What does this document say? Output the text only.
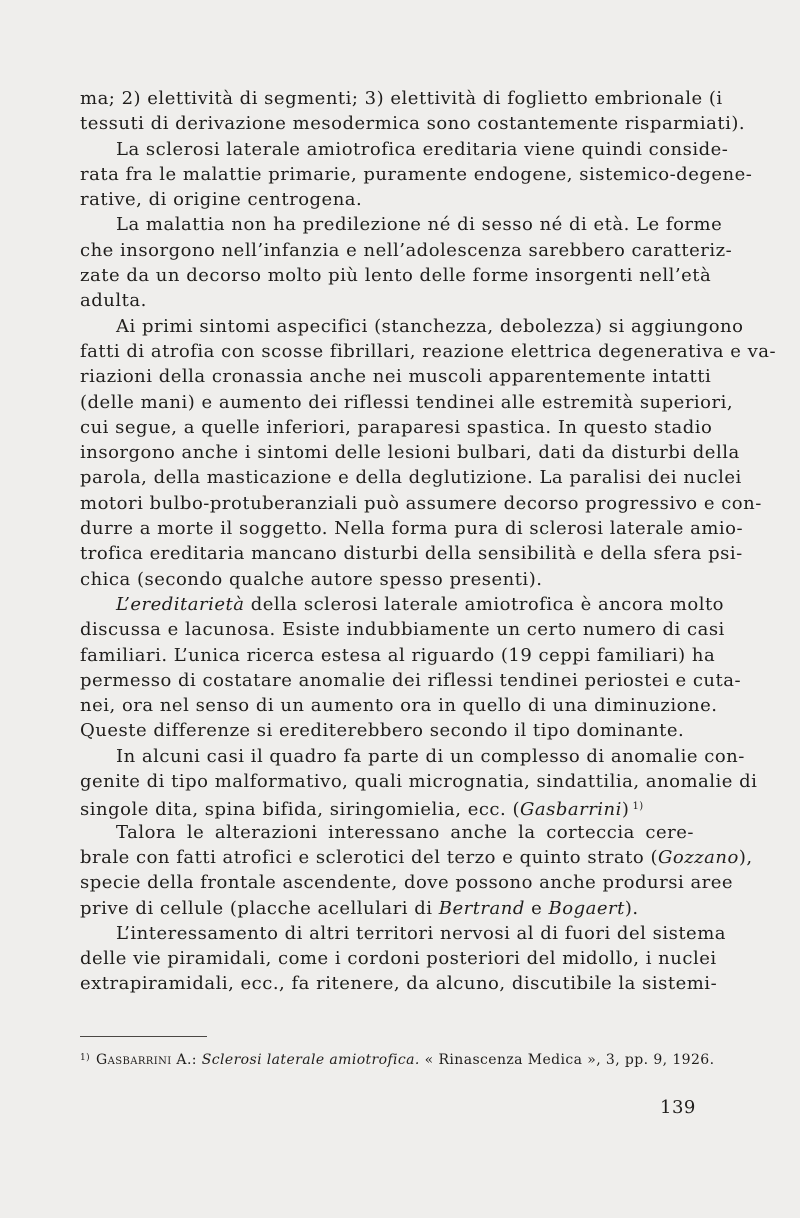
ma; 2) elettività di segmenti; 3) elettività di foglietto embrionale (i
tessuti di derivazione mesodermica sono costantemente risparmiati).
La sclerosi laterale amiotrofica ereditaria viene quindi conside-
rata fra le malattie primarie, puramente endogene, sistemico-degene-
rative, di origine centrogena.
La malattia non ha predilezione né di sesso né di età. Le forme
che insorgono nell’infanzia e nell’adolescenza sarebbero caratteriz-
zate da un decorso molto più lento delle forme insorgenti nell’età
adulta.
Ai primi sintomi aspecifici (stanchezza, debolezza) si aggiungono
fatti di atrofia con scosse fibrillari, reazione elettrica degenerativa e va-
riazioni della cronassia anche nei muscoli apparentemente intatti
(delle mani) e aumento dei riflessi tendinei alle estremità superiori,
cui segue, a quelle inferiori, paraparesi spastica. In questo stadio
insorgono anche i sintomi delle lesioni bulbari, dati da disturbi della
parola, della masticazione e della deglutizione. La paralisi dei nuclei
motori bulbo-protuberanziali può assumere decorso progressivo e con-
durre a morte il soggetto. Nella forma pura di sclerosi laterale amio-
trofica ereditaria mancano disturbi della sensibilità e della sfera psi-
chica (secondo qualche autore spesso presenti).
L’ereditarietà della sclerosi laterale amiotrofica è ancora molto
discussa e lacunosa. Esiste indubbiamente un certo numero di casi
familiari. L’unica ricerca estesa al riguardo (19 ceppi familiari) ha
permesso di costatare anomalie dei riflessi tendinei periostei e cuta-
nei, ora nel senso di un aumento ora in quello di una diminuzione.
Queste differenze si erediterebbero secondo il tipo dominante.
In alcuni casi il quadro fa parte di un complesso di anomalie con-
genite di tipo malformativo, quali micrognatia, sindattilia, anomalie di
singole dita, spina bifida, siringomielia, ecc. (Gasbarrini) $^{1)}$
Talora le alterazioni interessano anche la corteccia cere-
brale con fatti atrofici e sclerotici del terzo e quinto strato (Gozzano),
specie della frontale ascendente, dove possono anche prodursi aree
prive di cellule (placche acellulari di Bertrand e Bogaert).
L’interessamento di altri territori nervosi al di fuori del sistema
delle vie piramidali, come i cordoni posteriori del midollo, i nuclei
extrapiramidali, ecc., fa ritenere, da alcuno, discutibile la sistemi-
$^{1)}$ Gasbarrini A.: Sclerosi laterale amiotrofica. « Rinascenza Medica », 3, pp. 9, 1926.
139
